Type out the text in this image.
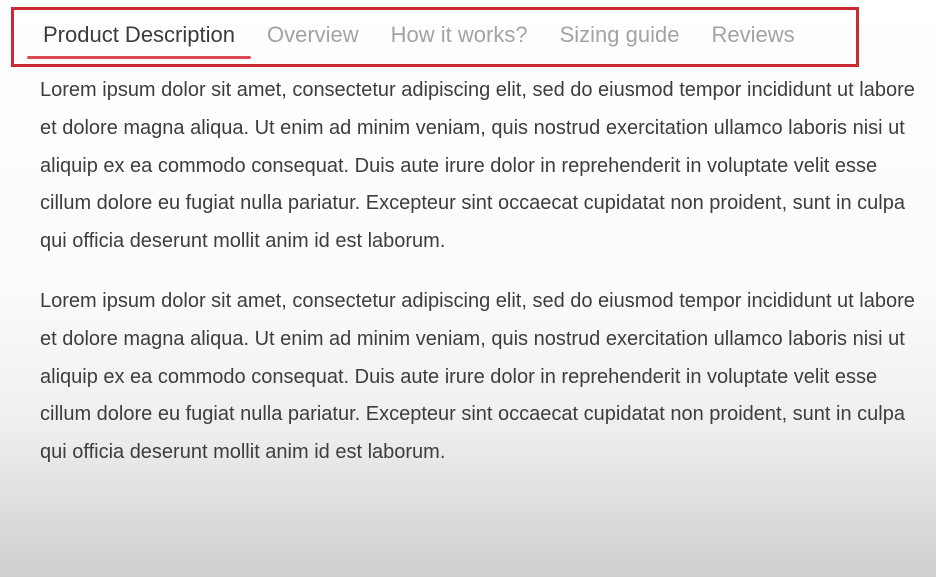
Product Description	Overview	How it works?	Sizing guide	Reviews

Lorem ipsum dolor sit amet, consectetur adipiscing elit, sed do eiusmod tempor incididunt ut labore et dolore magna aliqua. Ut enim ad minim veniam, quis nostrud exercitation ullamco laboris nisi ut aliquip ex ea commodo consequat. Duis aute irure dolor in reprehenderit in voluptate velit esse cillum dolore eu fugiat nulla pariatur. Excepteur sint occaecat cupidatat non proident, sunt in culpa qui officia deserunt mollit anim id est laborum.

Lorem ipsum dolor sit amet, consectetur adipiscing elit, sed do eiusmod tempor incididunt ut labore et dolore magna aliqua. Ut enim ad minim veniam, quis nostrud exercitation ullamco laboris nisi ut aliquip ex ea commodo consequat. Duis aute irure dolor in reprehenderit in voluptate velit esse cillum dolore eu fugiat nulla pariatur. Excepteur sint occaecat cupidatat non proident, sunt in culpa qui officia deserunt mollit anim id est laborum.
